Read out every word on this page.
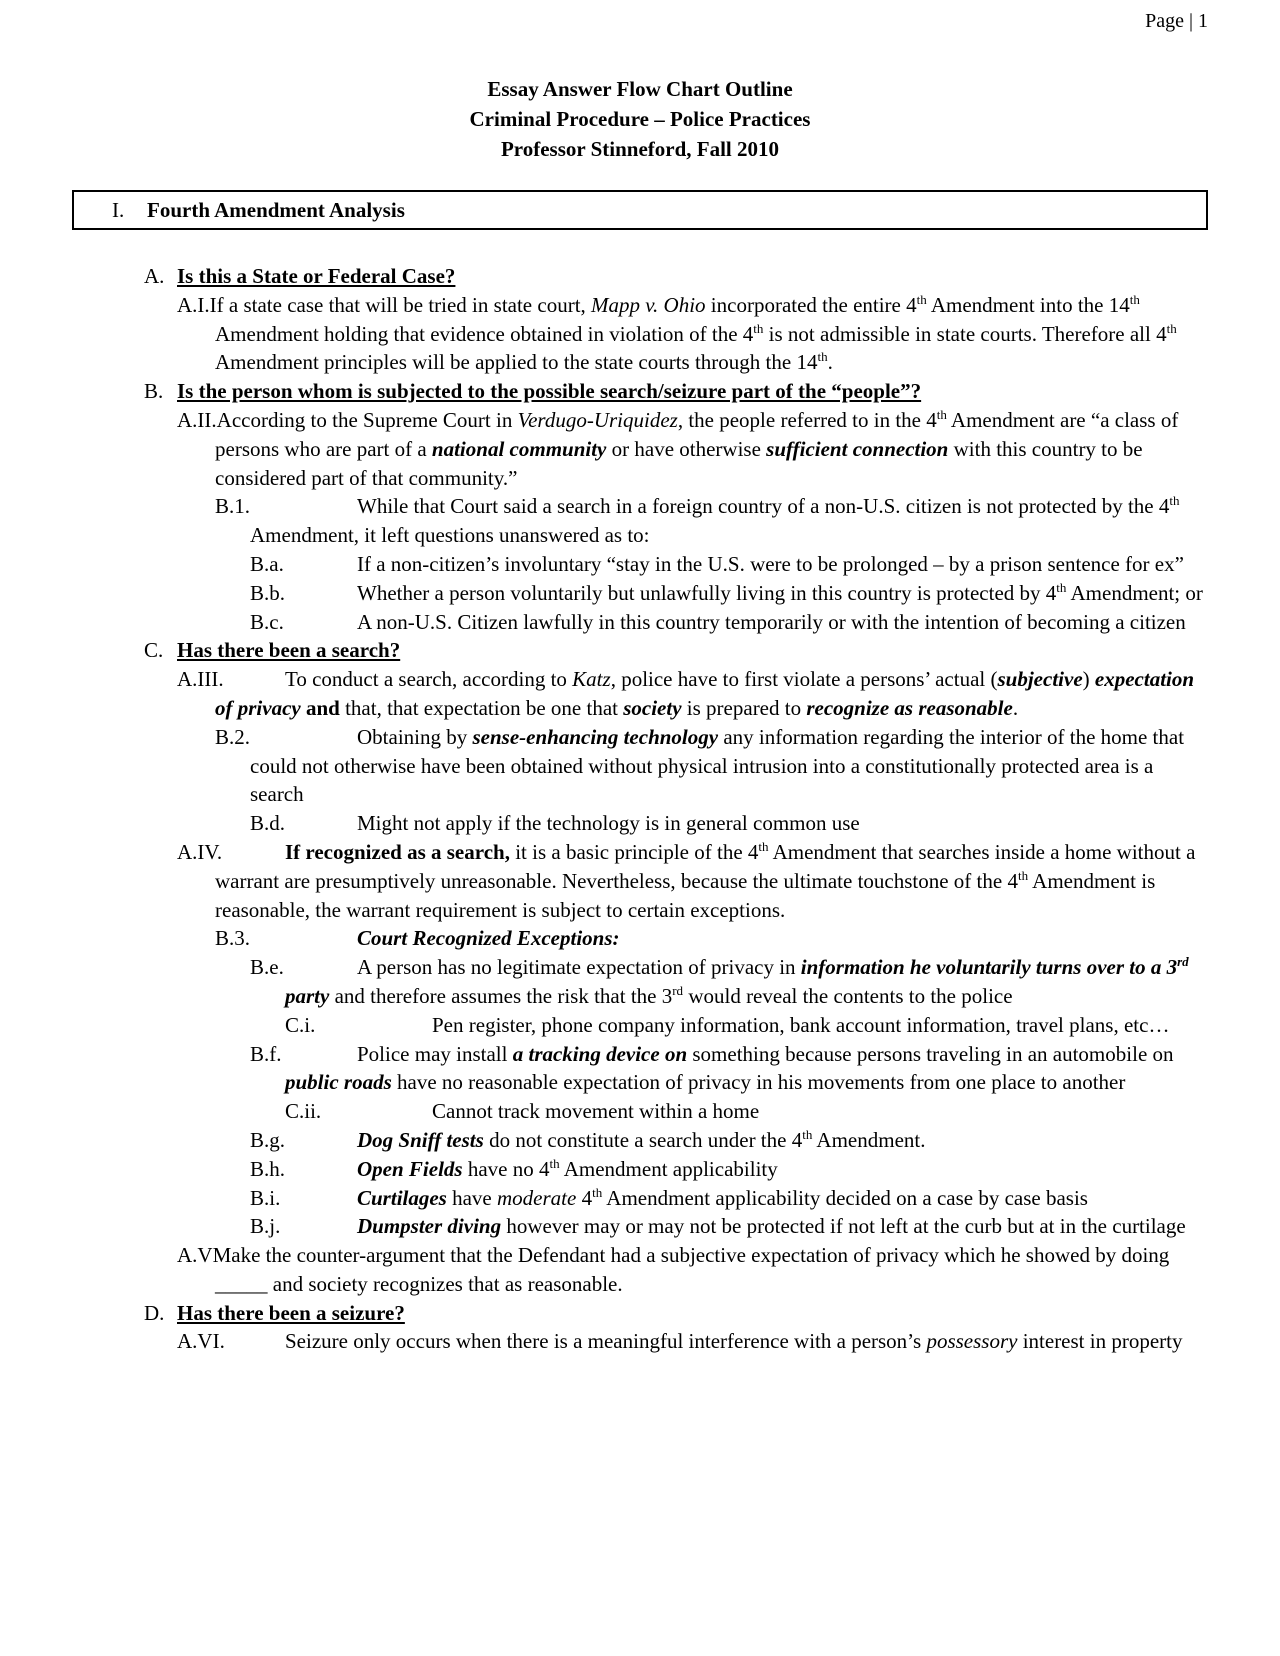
Page | 1
Essay Answer Flow Chart Outline
Criminal Procedure – Police Practices
Professor Stinneford, Fall 2010
I.	Fourth Amendment Analysis
A. Is this a State or Federal Case?
A.I.If a state case that will be tried in state court, Mapp v. Ohio incorporated the entire 4th Amendment into the 14th Amendment holding that evidence obtained in violation of the 4th is not admissible in state courts. Therefore all 4th Amendment principles will be applied to the state courts through the 14th.
B. Is the person whom is subjected to the possible search/seizure part of the “people”?
A.II.According to the Supreme Court in Verdugo-Uriquidez, the people referred to in the 4th Amendment are “a class of persons who are part of a national community or have otherwise sufficient connection with this country to be considered part of that community.”
B.1.	While that Court said a search in a foreign country of a non-U.S. citizen is not protected by the 4th Amendment, it left questions unanswered as to:
B.a.	If a non-citizen’s involuntary “stay in the U.S. were to be prolonged – by a prison sentence for ex”
B.b.	Whether a person voluntarily but unlawfully living in this country is protected by 4th Amendment; or
B.c.	A non-U.S. Citizen lawfully in this country temporarily or with the intention of becoming a citizen
C. Has there been a search?
A.III.	To conduct a search, according to Katz, police have to first violate a persons’ actual (subjective) expectation of privacy and that, that expectation be one that society is prepared to recognize as reasonable.
B.2.	Obtaining by sense-enhancing technology any information regarding the interior of the home that could not otherwise have been obtained without physical intrusion into a constitutionally protected area is a search
B.d.	Might not apply if the technology is in general common use
A.IV.	If recognized as a search, it is a basic principle of the 4th Amendment that searches inside a home without a warrant are presumptively unreasonable. Nevertheless, because the ultimate touchstone of the 4th Amendment is reasonable, the warrant requirement is subject to certain exceptions.
B.3.	Court Recognized Exceptions:
B.e.	A person has no legitimate expectation of privacy in information he voluntarily turns over to a 3rd party and therefore assumes the risk that the 3rd would reveal the contents to the police
C.i.	Pen register, phone company information, bank account information, travel plans, etc…
B.f.	Police may install a tracking device on something because persons traveling in an automobile on public roads have no reasonable expectation of privacy in his movements from one place to another
C.ii.	Cannot track movement within a home
B.g.	Dog Sniff tests do not constitute a search under the 4th Amendment.
B.h.	Open Fields have no 4th Amendment applicability
B.i.	Curtilages have moderate 4th Amendment applicability decided on a case by case basis
B.j.	Dumpster diving however may or may not be protected if not left at the curb but at in the curtilage
A.VMake the counter-argument that the Defendant had a subjective expectation of privacy which he showed by doing _____ and society recognizes that as reasonable.
D. Has there been a seizure?
A.VI.	Seizure only occurs when there is a meaningful interference with a person’s possessory interest in property
